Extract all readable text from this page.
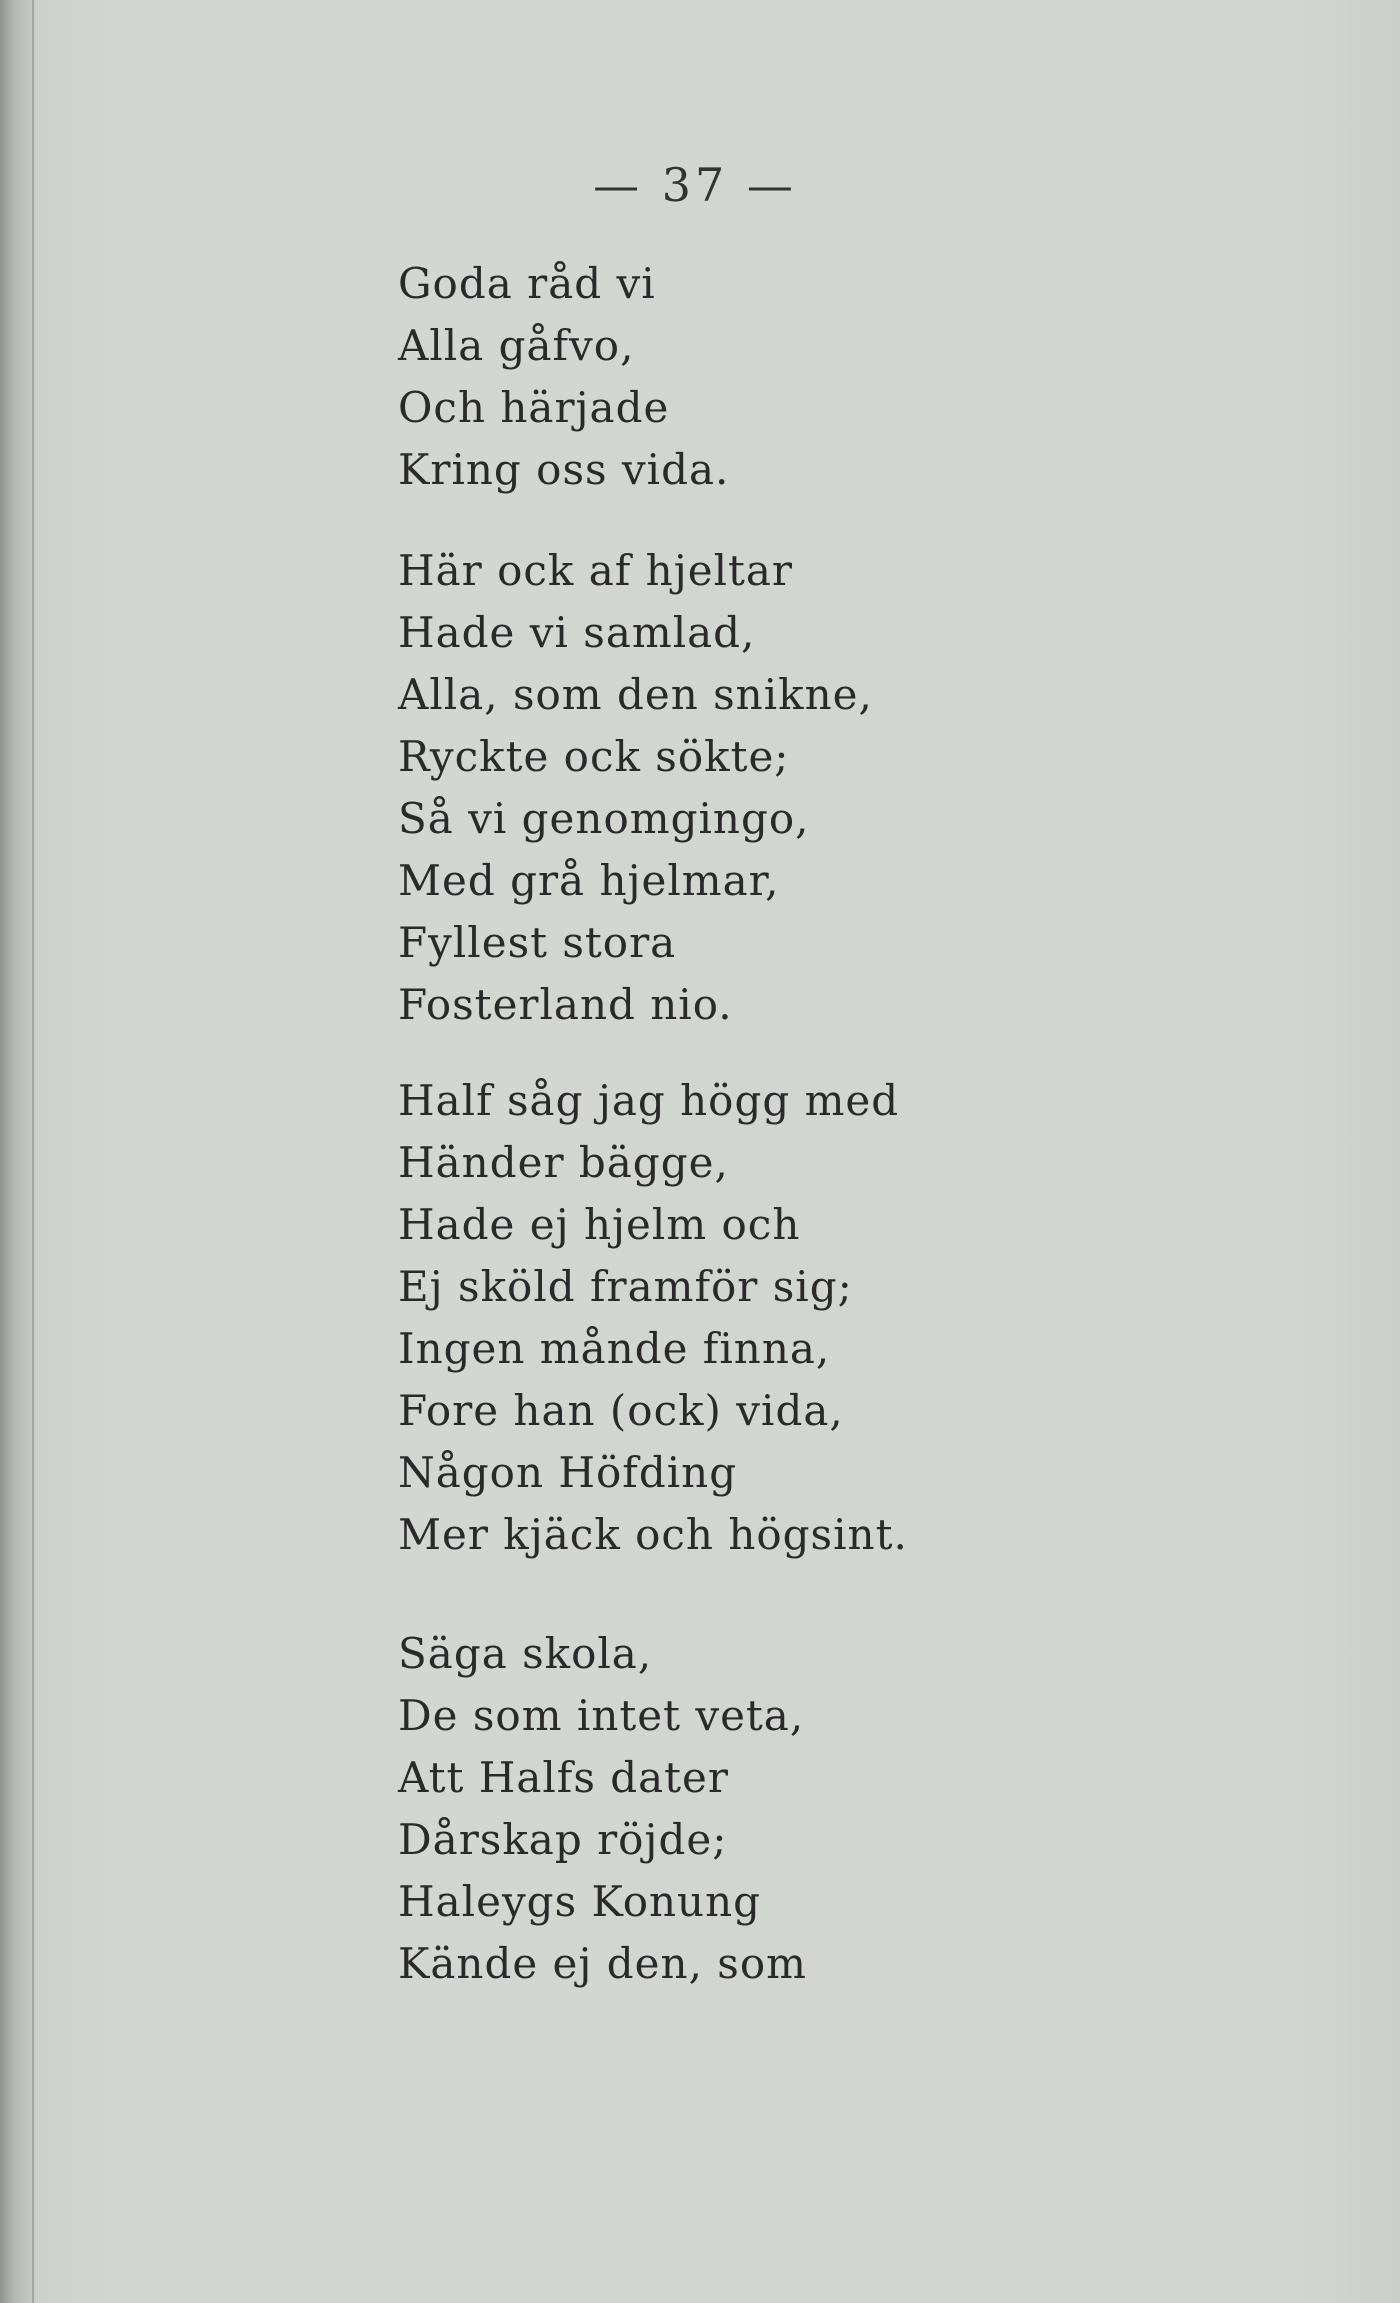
— 37 —
Goda råd vi
Alla gåfvo,
Och härjade
Kring oss vida.
Här ock af hjeltar
Hade vi samlad,
Alla, som den snikne,
Ryckte ock sökte;
Så vi genomgingo,
Med grå hjelmar,
Fyllest stora
Fosterland nio.
Half såg jag högg med
Händer bägge,
Hade ej hjelm och
Ej sköld framför sig;
Ingen månde finna,
Fore han (ock) vida,
Någon Höfding
Mer kjäck och högsint.
Säga skola,
De som intet veta,
Att Halfs dater
Dårskap röjde;
Haleygs Konung
Kände ej den, som
